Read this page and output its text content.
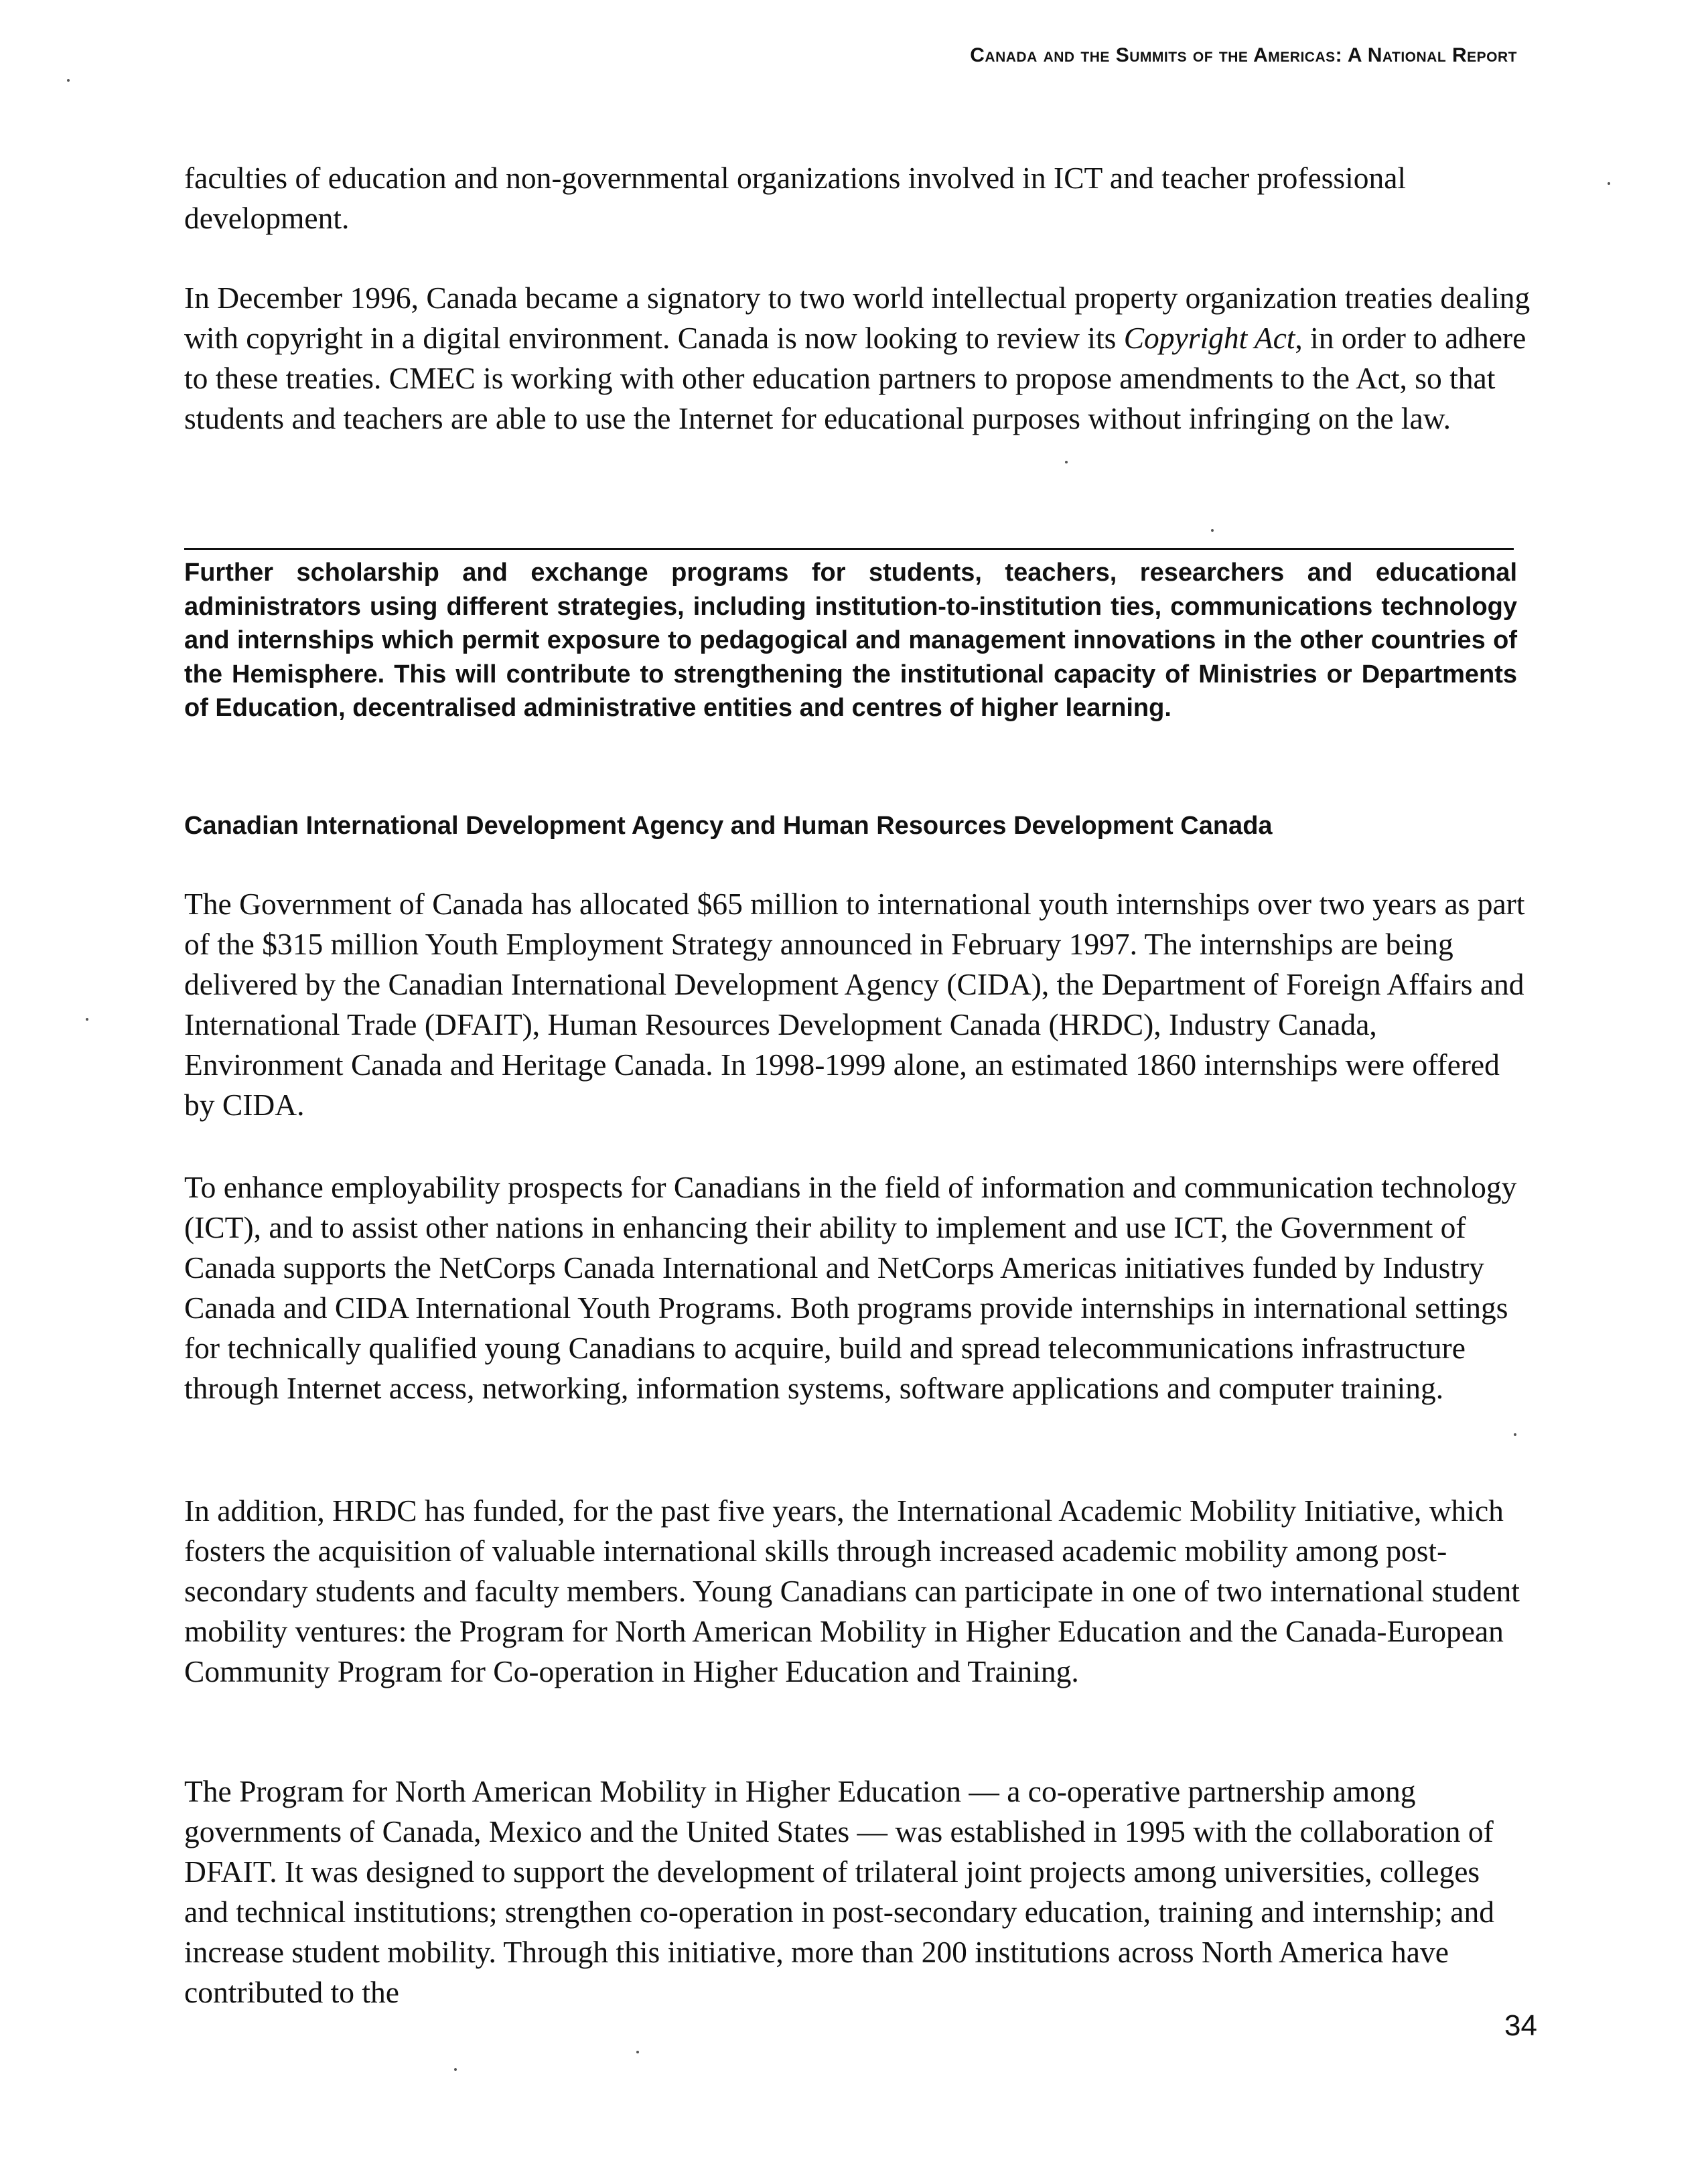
Canada and the Summits of the Americas: A National Report

faculties of education and non-governmental organizations involved in ICT and teacher professional development.

In December 1996, Canada became a signatory to two world intellectual property organization treaties dealing with copyright in a digital environment. Canada is now looking to review its Copyright Act, in order to adhere to these treaties. CMEC is working with other education partners to propose amendments to the Act, so that students and teachers are able to use the Internet for educational purposes without infringing on the law.

Further scholarship and exchange programs for students, teachers, researchers and educational administrators using different strategies, including institution-to-institution ties, communications technology and internships which permit exposure to pedagogical and management innovations in the other countries of the Hemisphere. This will contribute to strengthening the institutional capacity of Ministries or Departments of Education, decentralised administrative entities and centres of higher learning.

Canadian International Development Agency and Human Resources Development Canada

The Government of Canada has allocated $65 million to international youth internships over two years as part of the $315 million Youth Employment Strategy announced in February 1997. The internships are being delivered by the Canadian International Development Agency (CIDA), the Department of Foreign Affairs and International Trade (DFAIT), Human Resources Development Canada (HRDC), Industry Canada, Environment Canada and Heritage Canada. In 1998-1999 alone, an estimated 1860 internships were offered by CIDA.

To enhance employability prospects for Canadians in the field of information and communication technology (ICT), and to assist other nations in enhancing their ability to implement and use ICT, the Government of Canada supports the NetCorps Canada International and NetCorps Americas initiatives funded by Industry Canada and CIDA International Youth Programs. Both programs provide internships in international settings for technically qualified young Canadians to acquire, build and spread telecommunications infrastructure through Internet access, networking, information systems, software applications and computer training.

In addition, HRDC has funded, for the past five years, the International Academic Mobility Initiative, which fosters the acquisition of valuable international skills through increased academic mobility among post-secondary students and faculty members. Young Canadians can participate in one of two international student mobility ventures: the Program for North American Mobility in Higher Education and the Canada-European Community Program for Co-operation in Higher Education and Training.

The Program for North American Mobility in Higher Education — a co-operative partnership among governments of Canada, Mexico and the United States — was established in 1995 with the collaboration of DFAIT. It was designed to support the development of trilateral joint projects among universities, colleges and technical institutions; strengthen co-operation in post-secondary education, training and internship; and increase student mobility. Through this initiative, more than 200 institutions across North America have contributed to the

34
